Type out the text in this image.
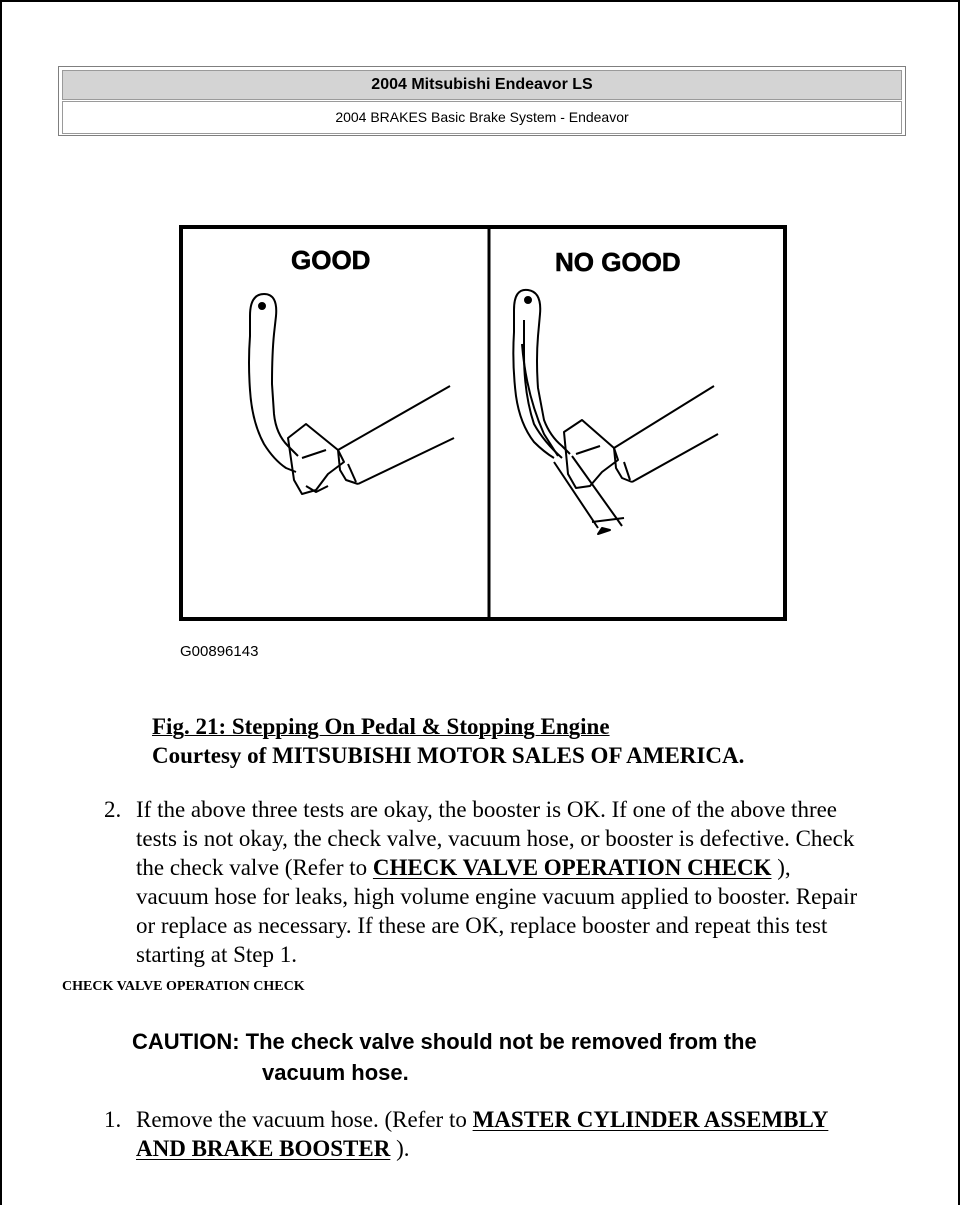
2004 Mitsubishi Endeavor LS
2004 BRAKES Basic Brake System - Endeavor
GOOD	NO GOOD
G00896143
Fig. 21: Stepping On Pedal & Stopping Engine
Courtesy of MITSUBISHI MOTOR SALES OF AMERICA.
2. If the above three tests are okay, the booster is OK. If one of the above three
tests is not okay, the check valve, vacuum hose, or booster is defective. Check
the check valve (Refer to CHECK VALVE OPERATION CHECK ),
vacuum hose for leaks, high volume engine vacuum applied to booster. Repair
or replace as necessary. If these are OK, replace booster and repeat this test
starting at Step 1.
CHECK VALVE OPERATION CHECK
CAUTION: The check valve should not be removed from the
vacuum hose.
1. Remove the vacuum hose. (Refer to MASTER CYLINDER ASSEMBLY
AND BRAKE BOOSTER ).
